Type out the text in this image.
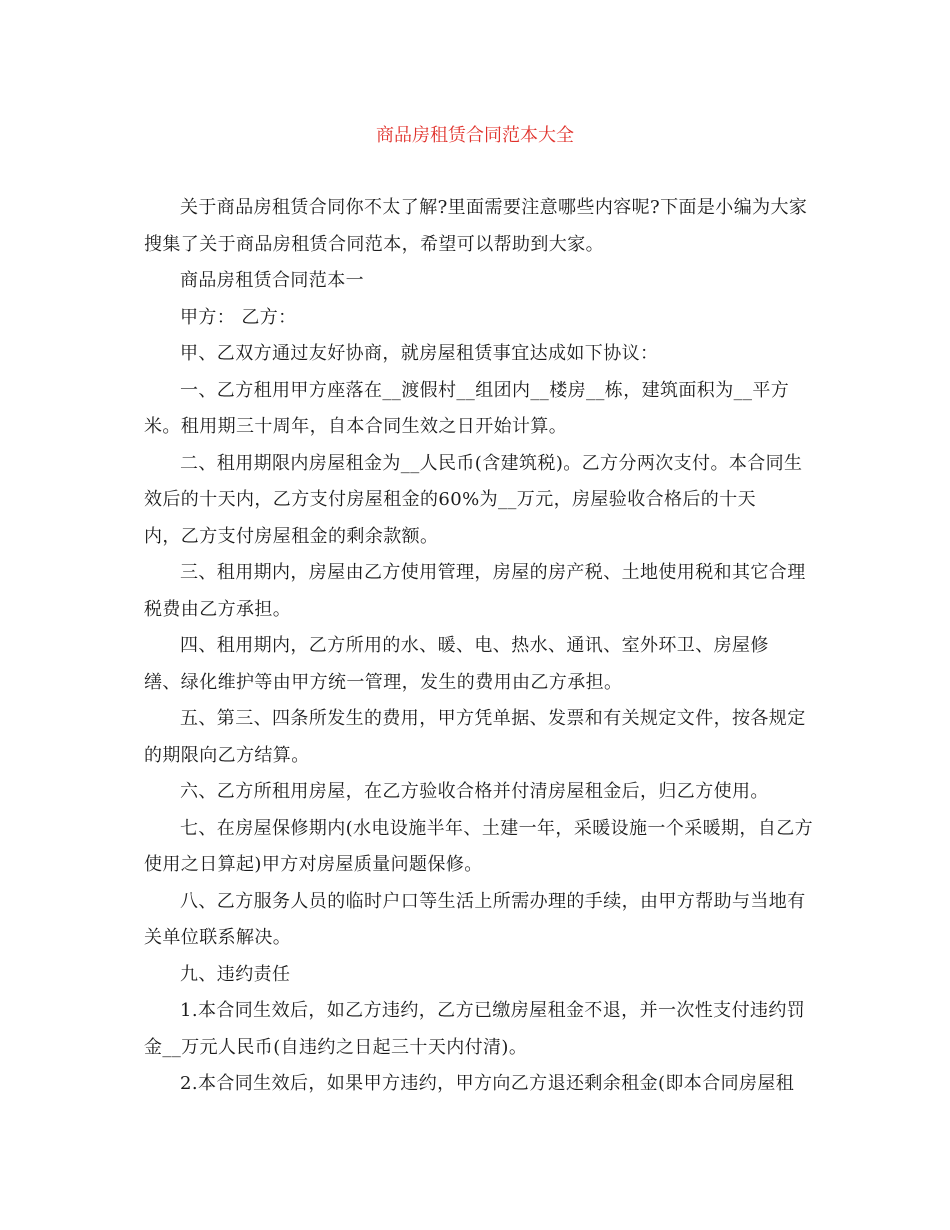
商品房租赁合同范本大全

关于商品房租赁合同你不太了解?里面需要注意哪些内容呢?下面是小编为大家搜集了关于商品房租赁合同范本，希望可以帮助到大家。

商品房租赁合同范本一

甲方： 乙方：

甲、乙双方通过友好协商，就房屋租赁事宜达成如下协议：

一、乙方租用甲方座落在__渡假村__组团内__楼房__栋，建筑面积为__平方米。租用期三十周年，自本合同生效之日开始计算。

二、租用期限内房屋租金为__人民币(含建筑税)。乙方分两次支付。本合同生效后的十天内，乙方支付房屋租金的60%为__万元，房屋验收合格后的十天
内，乙方支付房屋租金的剩余款额。

三、租用期内，房屋由乙方使用管理，房屋的房产税、土地使用税和其它合理税费由乙方承担。

四、租用期内，乙方所用的水、暖、电、热水、通讯、室外环卫、房屋修
缮、绿化维护等由甲方统一管理，发生的费用由乙方承担。

五、第三、四条所发生的费用，甲方凭单据、发票和有关规定文件，按各规定的期限向乙方结算。

六、乙方所租用房屋，在乙方验收合格并付清房屋租金后，归乙方使用。

七、在房屋保修期内(水电设施半年、土建一年，采暖设施一个采暖期，自乙方使用之日算起)甲方对房屋质量问题保修。

八、乙方服务人员的临时户口等生活上所需办理的手续，由甲方帮助与当地有关单位联系解决。

九、违约责任

1.本合同生效后，如乙方违约，乙方已缴房屋租金不退，并一次性支付违约罚金__万元人民币(自违约之日起三十天内付清)。

2.本合同生效后，如果甲方违约，甲方向乙方退还剩余租金(即本合同房屋租
